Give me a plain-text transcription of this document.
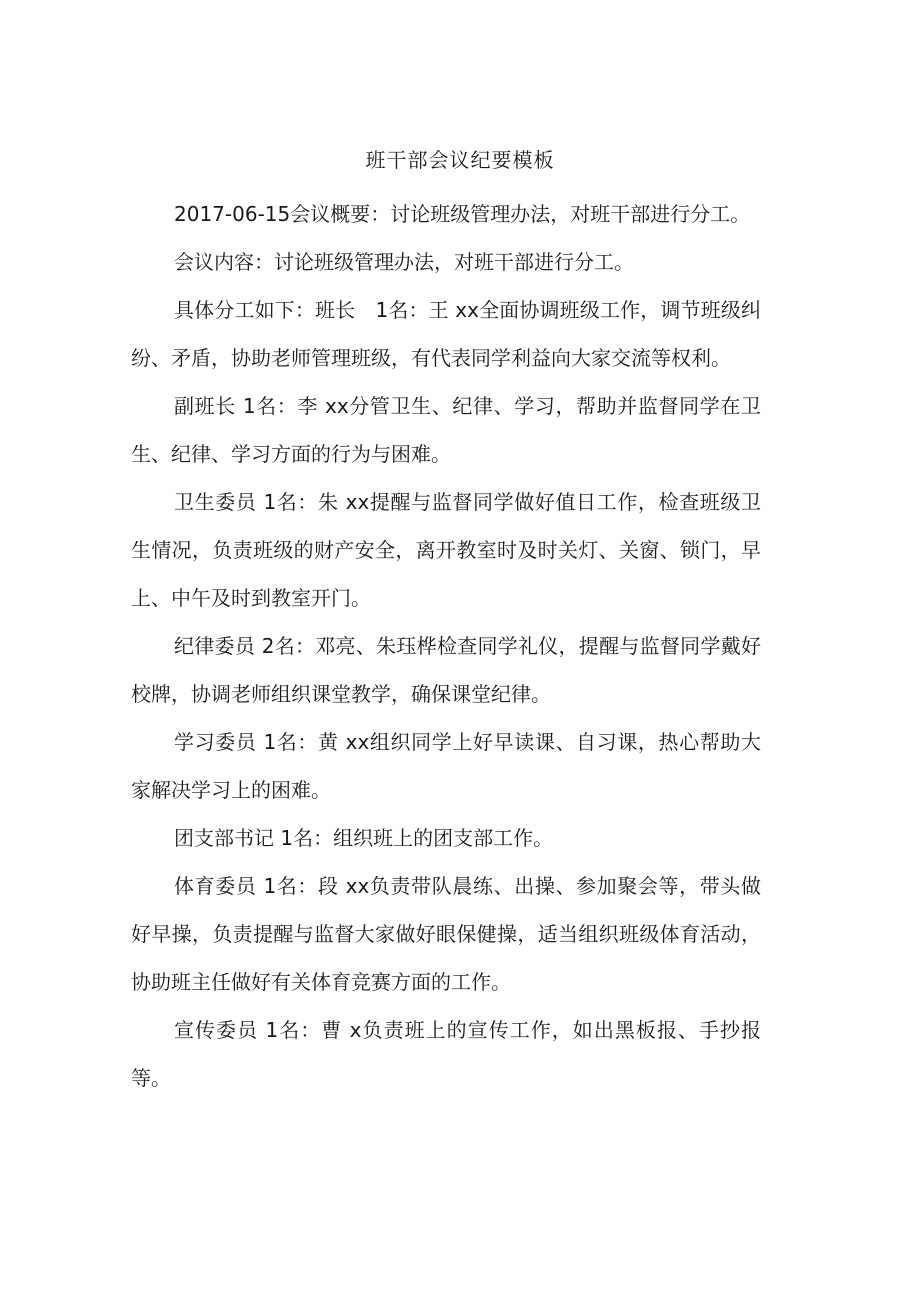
班干部会议纪要模板

2017-06-15会议概要：讨论班级管理办法，对班干部进行分工。

会议内容：讨论班级管理办法，对班干部进行分工。

具体分工如下：班长　1名：王 xx全面协调班级工作，调节班级纠纷、矛盾，协助老师管理班级，有代表同学利益向大家交流等权利。

副班长 1名：李 xx分管卫生、纪律、学习，帮助并监督同学在卫生、纪律、学习方面的行为与困难。

卫生委员 1名：朱 xx提醒与监督同学做好值日工作，检查班级卫生情况，负责班级的财产安全，离开教室时及时关灯、关窗、锁门，早上、中午及时到教室开门。

纪律委员 2名：邓亮、朱珏桦检查同学礼仪，提醒与监督同学戴好校牌，协调老师组织课堂教学，确保课堂纪律。

学习委员 1名：黄 xx组织同学上好早读课、自习课，热心帮助大家解决学习上的困难。

团支部书记 1名：组织班上的团支部工作。

体育委员 1名：段 xx负责带队晨练、出操、参加聚会等，带头做好早操，负责提醒与监督大家做好眼保健操，适当组织班级体育活动，协助班主任做好有关体育竞赛方面的工作。

宣传委员 1名：曹 x负责班上的宣传工作，如出黑板报、手抄报等。
